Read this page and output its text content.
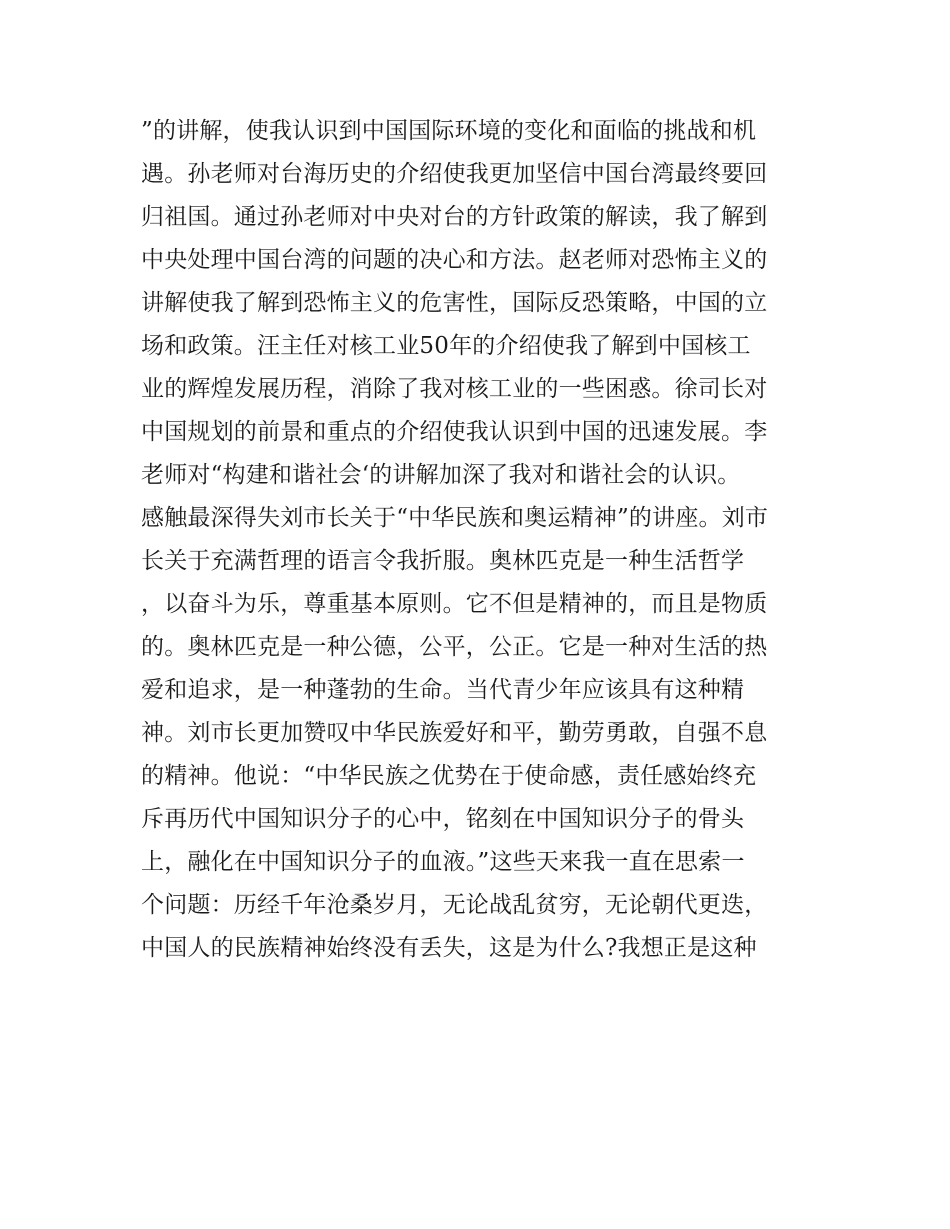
”的讲解，使我认识到中国国际环境的变化和面临的挑战和机
遇。孙老师对台海历史的介绍使我更加坚信中国台湾最终要回
归祖国。通过孙老师对中央对台的方针政策的解读，我了解到
中央处理中国台湾的问题的决心和方法。赵老师对恐怖主义的
讲解使我了解到恐怖主义的危害性，国际反恐策略，中国的立
场和政策。汪主任对核工业50年的介绍使我了解到中国核工
业的辉煌发展历程，消除了我对核工业的一些困惑。徐司长对
中国规划的前景和重点的介绍使我认识到中国的迅速发展。李
老师对“构建和谐社会‘的讲解加深了我对和谐社会的认识。
感触最深得失刘市长关于“中华民族和奥运精神”的讲座。刘市
长关于充满哲理的语言令我折服。奥林匹克是一种生活哲学
，以奋斗为乐，尊重基本原则。它不但是精神的，而且是物质
的。奥林匹克是一种公德，公平，公正。它是一种对生活的热
爱和追求，是一种蓬勃的生命。当代青少年应该具有这种精
神。刘市长更加赞叹中华民族爱好和平，勤劳勇敢，自强不息
的精神。他说：“中华民族之优势在于使命感，责任感始终充
斥再历代中国知识分子的心中，铭刻在中国知识分子的骨头
上，融化在中国知识分子的血液。”这些天来我一直在思索一
个问题：历经千年沧桑岁月，无论战乱贫穷，无论朝代更迭，
中国人的民族精神始终没有丢失，这是为什么?我想正是这种
